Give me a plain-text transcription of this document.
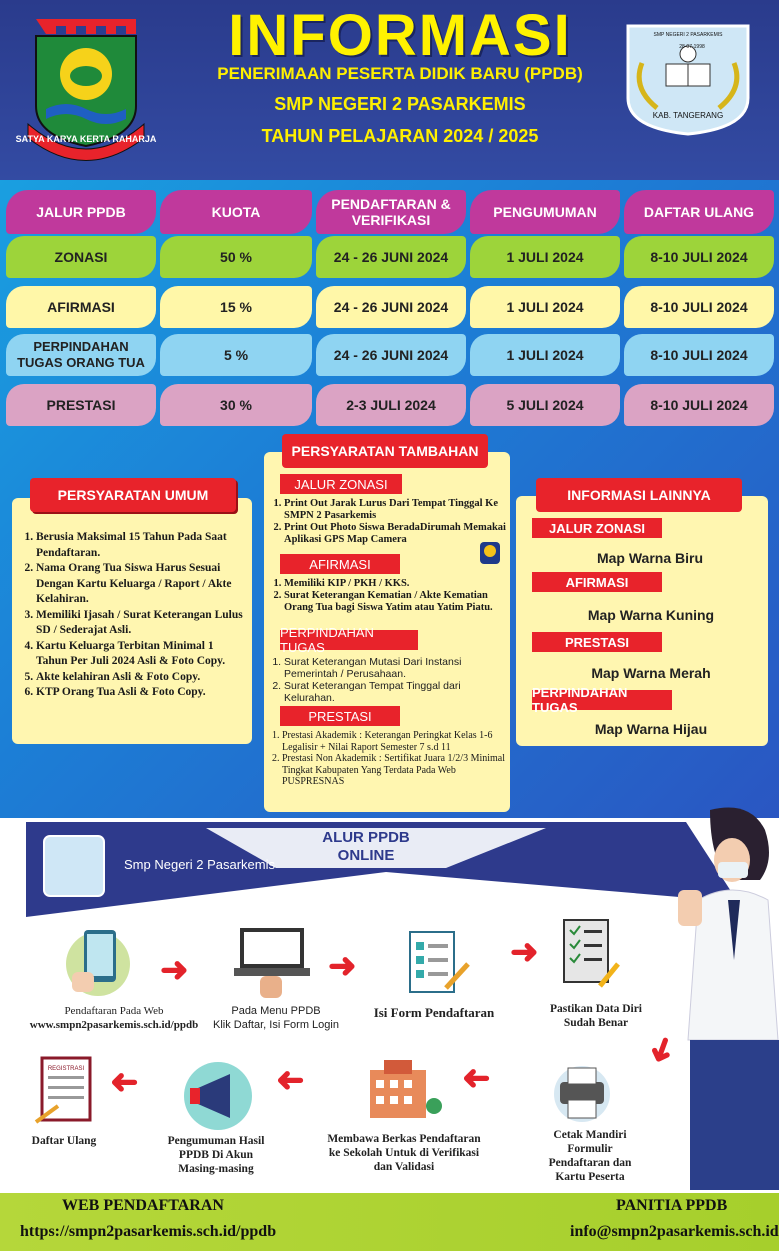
INFORMASI
PENERIMAAN PESERTA DIDIK BARU (PPDB)
SMP NEGERI 2 PASARKEMIS
TAHUN PELAJARAN 2024 / 2025
SATYA KARYA KERTA RAHARJA
KAB. TANGERANG
28-07-1998
SMP NEGERI 2 PASARKEMIS
JALUR PPDB	KUOTA	PENDAFTARAN & VERIFIKASI	PENGUMUMAN	DAFTAR ULANG
ZONASI	50 %	24 - 26 JUNI 2024	1 JULI 2024	8-10 JULI 2024
AFIRMASI	15 %	24 - 26 JUNI 2024	1 JULI 2024	8-10 JULI 2024
PERPINDAHAN TUGAS ORANG TUA	5 %	24 - 26 JUNI 2024	1 JULI 2024	8-10 JULI 2024
PRESTASI	30 %	2-3 JULI 2024	5 JULI 2024	8-10 JULI 2024
PERSYARATAN UMUM
1. Berusia Maksimal 15 Tahun Pada Saat Pendaftaran.
2. Nama Orang Tua Siswa Harus Sesuai Dengan Kartu Keluarga / Raport / Akte Kelahiran.
3. Memiliki Ijasah / Surat Keterangan Lulus SD / Sederajat Asli.
4. Kartu Keluarga Terbitan Minimal 1 Tahun Per Juli 2024 Asli & Foto Copy.
5. Akte kelahiran Asli & Foto Copy.
6. KTP Orang Tua Asli & Foto Copy.
PERSYARATAN TAMBAHAN
JALUR ZONASI
1. Print Out Jarak Lurus Dari Tempat Tinggal Ke SMPN 2 Pasarkemis
2. Print Out Photo Siswa BeradaDirumah Memakai Aplikasi GPS Map Camera
AFIRMASI
1. Memiliki KIP / PKH / KKS.
2. Surat Keterangan Kematian / Akte Kematian Orang Tua bagi Siswa Yatim atau Yatim Piatu.
PERPINDAHAN TUGAS
1. Surat Keterangan Mutasi Dari Instansi Pemerintah / Perusahaan.
2. Surat Keterangan Tempat Tinggal dari Kelurahan.
PRESTASI
1. Prestasi Akademik : Keterangan Peringkat Kelas 1-6 Legalisir + Nilai Raport Semester 7 s.d 11
2. Prestasi Non Akademik : Sertifikat Juara 1/2/3 Minimal Tingkat Kabupaten Yang Terdata Pada Web PUSPRESNAS
INFORMASI LAINNYA
JALUR ZONASI
Map Warna Biru
AFIRMASI
Map Warna Kuning
PRESTASI
Map Warna Merah
PERPINDAHAN TUGAS
Map Warna Hijau
ALUR PPDB
ONLINE
Smp Negeri 2 Pasarkemis
Pendaftaran Pada Web
www.smpn2pasarkemis.sch.id/ppdb
➜
Pada Menu PPDB
Klik Daftar, Isi Form Login
➜
Isi Form Pendaftaran
➜
Pastikan Data Diri
Sudah Benar
➜
Cetak Mandiri
Formulir
Pendaftaran dan
Kartu Peserta
➜
Membawa Berkas Pendaftaran
ke Sekolah Untuk di Verifikasi
dan Validasi
➜
Pengumuman Hasil
PPDB Di Akun
Masing-masing
➜
REGISTRASI
Daftar Ulang
WEB PENDAFTARAN
https://smpn2pasarkemis.sch.id/ppdb
PANITIA PPDB
info@smpn2pasarkemis.sch.id
